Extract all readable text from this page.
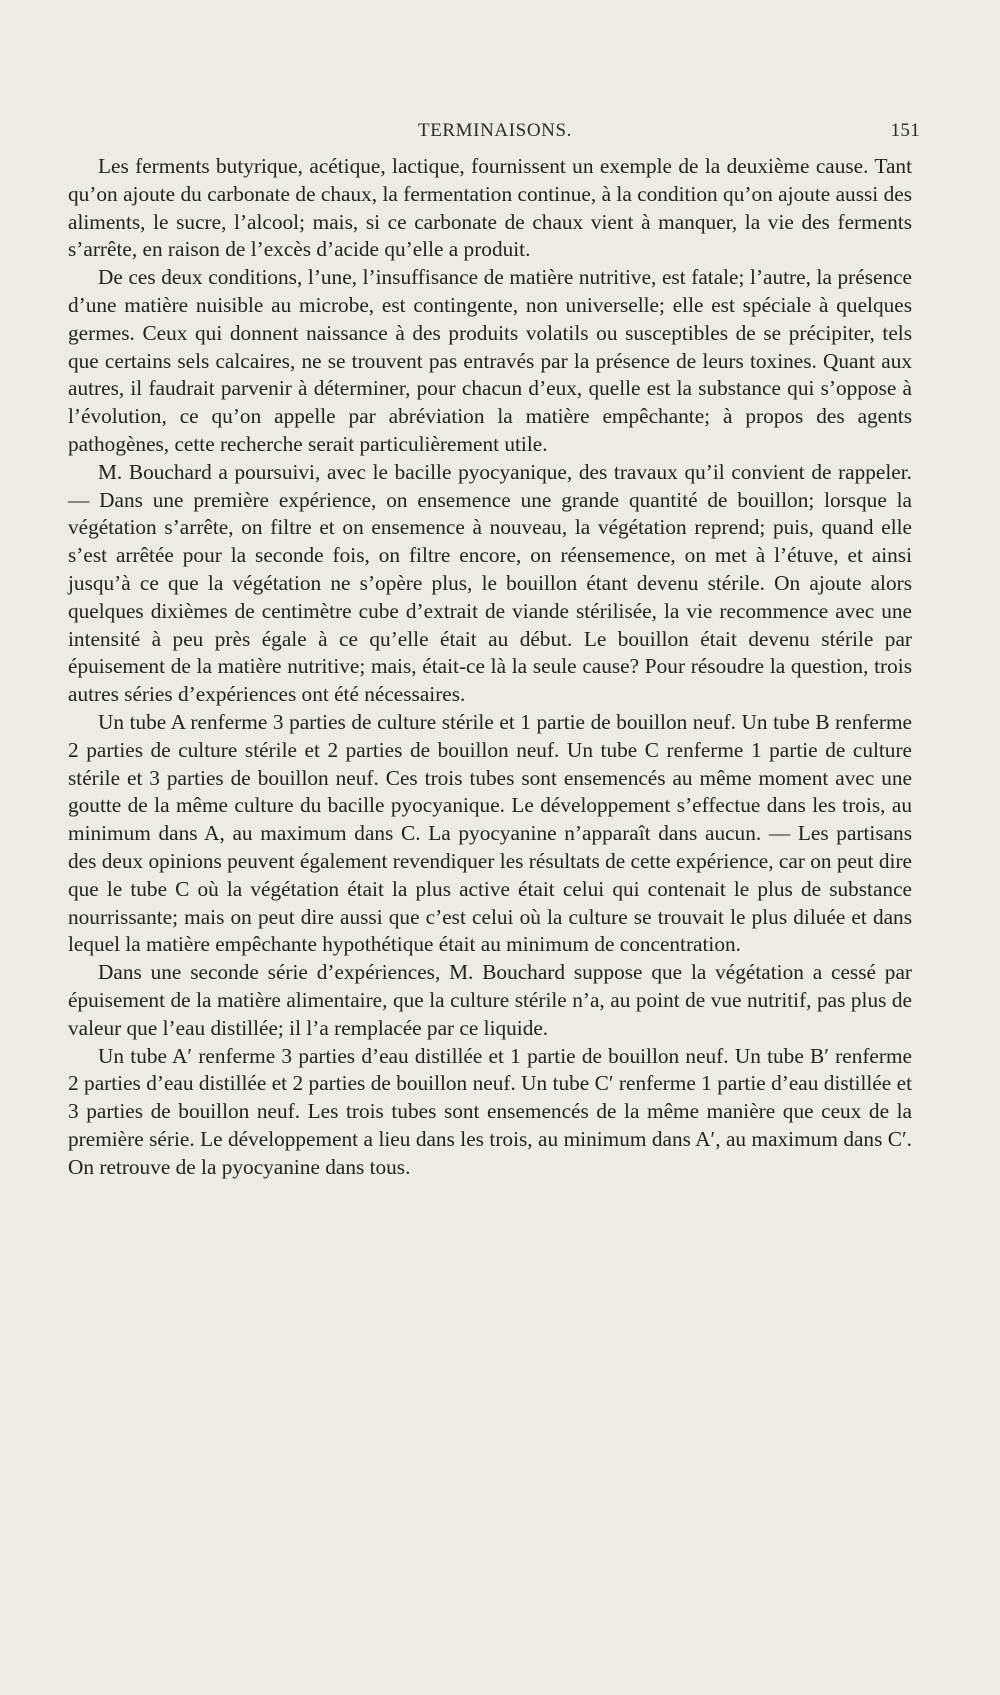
TERMINAISONS.	151

Les ferments butyrique, acétique, lactique, fournissent un exemple de la deuxième cause. Tant qu’on ajoute du carbonate de chaux, la fermentation continue, à la condition qu’on ajoute aussi des aliments, le sucre, l’alcool; mais, si ce carbonate de chaux vient à manquer, la vie des ferments s’arrête, en raison de l’excès d’acide qu’elle a produit.

De ces deux conditions, l’une, l’insuffisance de matière nutritive, est fatale; l’autre, la présence d’une matière nuisible au microbe, est contingente, non universelle; elle est spéciale à quelques germes. Ceux qui donnent naissance à des produits volatils ou susceptibles de se précipiter, tels que certains sels calcaires, ne se trouvent pas entravés par la présence de leurs toxines. Quant aux autres, il faudrait parvenir à déterminer, pour chacun d’eux, quelle est la substance qui s’oppose à l’évolution, ce qu’on appelle par abréviation la matière empêchante; à propos des agents pathogènes, cette recherche serait particulièrement utile.

M. Bouchard a poursuivi, avec le bacille pyocyanique, des travaux qu’il convient de rappeler. — Dans une première expérience, on ensemence une grande quantité de bouillon; lorsque la végétation s’arrête, on filtre et on ensemence à nouveau, la végétation reprend; puis, quand elle s’est arrêtée pour la seconde fois, on filtre encore, on réensemence, on met à l’étuve, et ainsi jusqu’à ce que la végétation ne s’opère plus, le bouillon étant devenu stérile. On ajoute alors quelques dixièmes de centimètre cube d’extrait de viande stérilisée, la vie recommence avec une intensité à peu près égale à ce qu’elle était au début. Le bouillon était devenu stérile par épuisement de la matière nutritive; mais, était-ce là la seule cause? Pour résoudre la question, trois autres séries d’expériences ont été nécessaires.

Un tube A renferme 3 parties de culture stérile et 1 partie de bouillon neuf. Un tube B renferme 2 parties de culture stérile et 2 parties de bouillon neuf. Un tube C renferme 1 partie de culture stérile et 3 parties de bouillon neuf. Ces trois tubes sont ensemencés au même moment avec une goutte de la même culture du bacille pyocyanique. Le développement s’effectue dans les trois, au minimum dans A, au maximum dans C. La pyocyanine n’apparaît dans aucun. — Les partisans des deux opinions peuvent également revendiquer les résultats de cette expérience, car on peut dire que le tube C où la végétation était la plus active était celui qui contenait le plus de substance nourrissante; mais on peut dire aussi que c’est celui où la culture se trouvait le plus diluée et dans lequel la matière empêchante hypothétique était au minimum de concentration.

Dans une seconde série d’expériences, M. Bouchard suppose que la végétation a cessé par épuisement de la matière alimentaire, que la culture stérile n’a, au point de vue nutritif, pas plus de valeur que l’eau distillée; il l’a remplacée par ce liquide.

Un tube A′ renferme 3 parties d’eau distillée et 1 partie de bouillon neuf. Un tube B′ renferme 2 parties d’eau distillée et 2 parties de bouillon neuf. Un tube C′ renferme 1 partie d’eau distillée et 3 parties de bouillon neuf. Les trois tubes sont ensemencés de la même manière que ceux de la première série. Le développement a lieu dans les trois, au minimum dans A′, au maximum dans C′. On retrouve de la pyocyanine dans tous.
